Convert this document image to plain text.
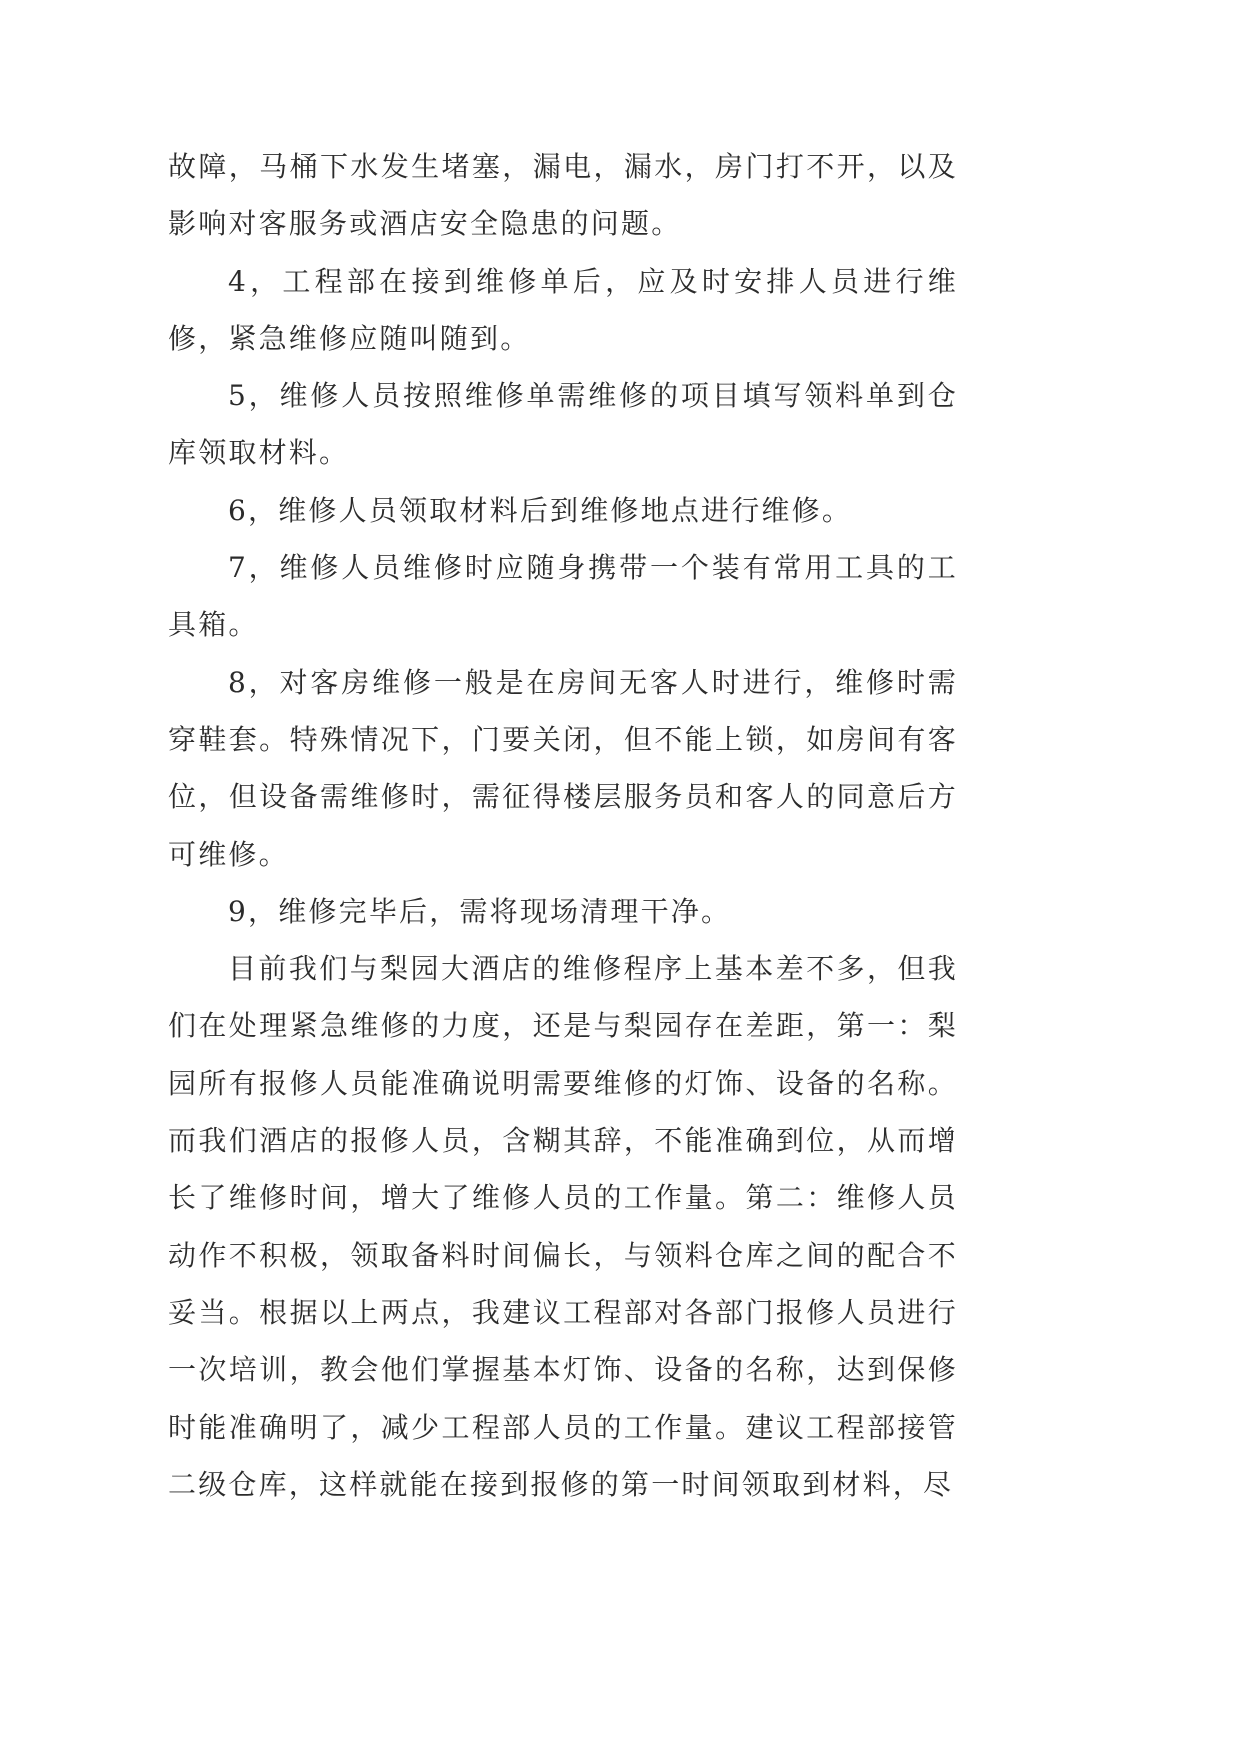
故障，马桶下水发生堵塞，漏电，漏水，房门打不开，以及影响对客服务或酒店安全隐患的问题。

4，工程部在接到维修单后，应及时安排人员进行维修，紧急维修应随叫随到。

5，维修人员按照维修单需维修的项目填写领料单到仓库领取材料。

6，维修人员领取材料后到维修地点进行维修。

7，维修人员维修时应随身携带一个装有常用工具的工具箱。

8，对客房维修一般是在房间无客人时进行，维修时需穿鞋套。特殊情况下，门要关闭，但不能上锁，如房间有客位，但设备需维修时，需征得楼层服务员和客人的同意后方可维修。

9，维修完毕后，需将现场清理干净。

目前我们与梨园大酒店的维修程序上基本差不多，但我们在处理紧急维修的力度，还是与梨园存在差距，第一：梨园所有报修人员能准确说明需要维修的灯饰、设备的名称。而我们酒店的报修人员，含糊其辞，不能准确到位，从而增长了维修时间，增大了维修人员的工作量。第二：维修人员动作不积极，领取备料时间偏长，与领料仓库之间的配合不妥当。根据以上两点，我建议工程部对各部门报修人员进行一次培训，教会他们掌握基本灯饰、设备的名称，达到保修时能准确明了，减少工程部人员的工作量。建议工程部接管二级仓库，这样就能在接到报修的第一时间领取到材料，尽
